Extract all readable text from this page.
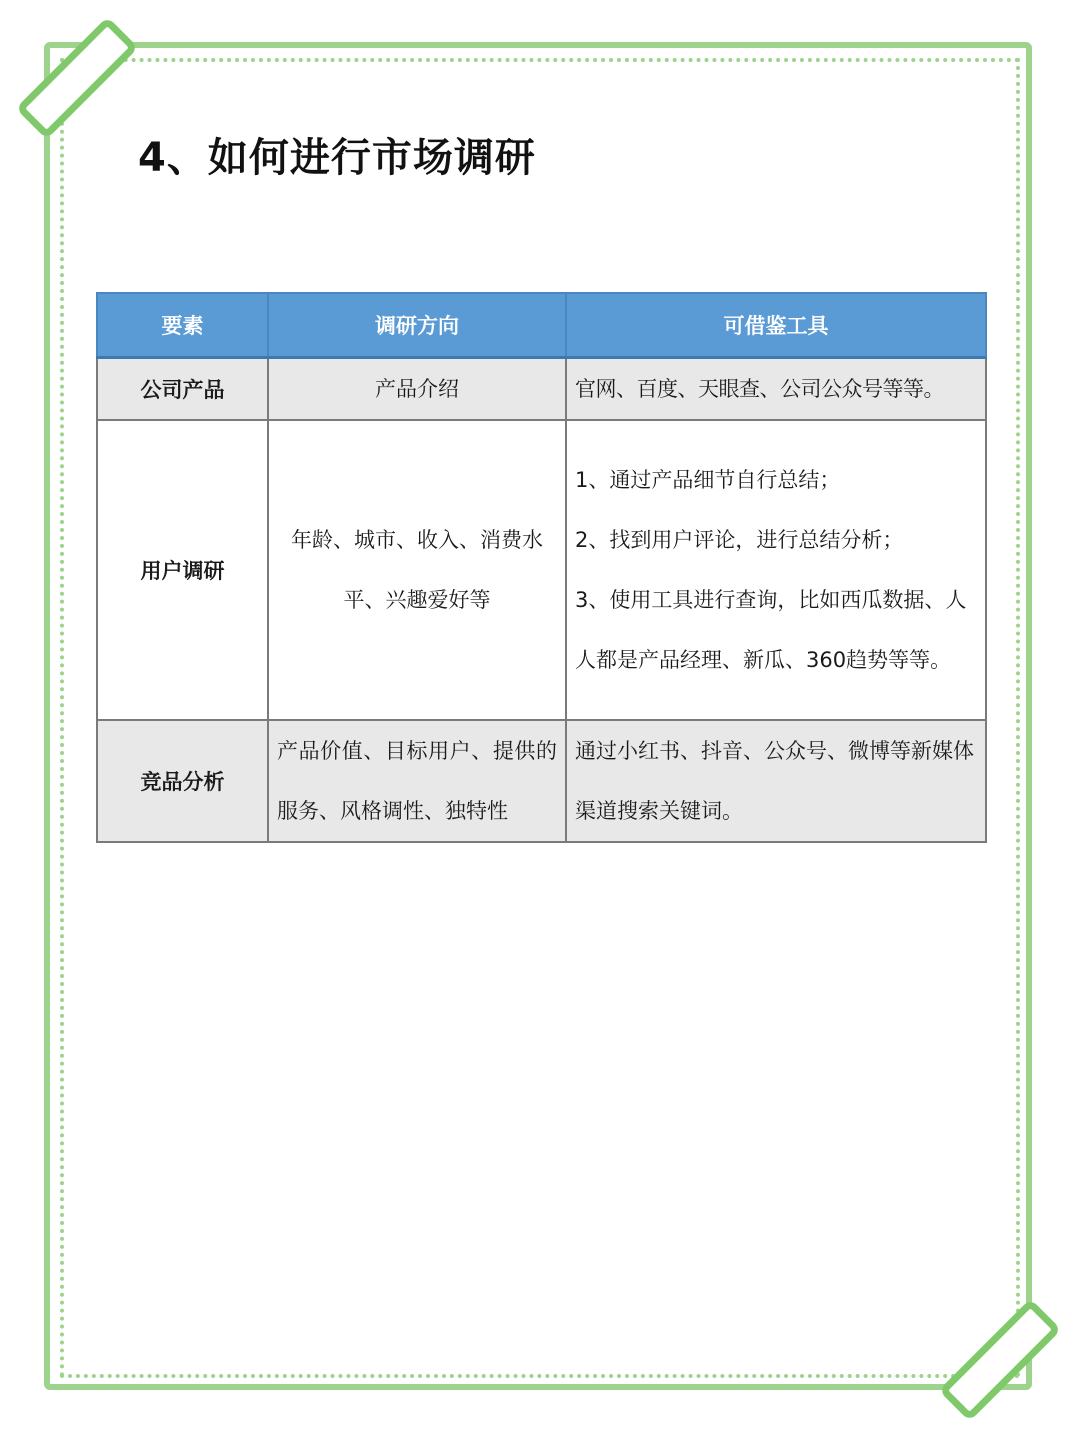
4、如何进行市场调研
要素	调研方向	可借鉴工具
公司产品	产品介绍	官网、百度、天眼查、公司公众号等等。
用户调研	年龄、城市、收入、消费水平、兴趣爱好等	1、通过产品细节自行总结；
2、找到用户评论，进行总结分析；
3、使用工具进行查询，比如西瓜数据、人人都是产品经理、新瓜、360趋势等等。

竞品分析	产品价值、目标用户、提供的服务、风格调性、独特性	通过小红书、抖音、公众号、微博等新媒体渠道搜索关键词。
